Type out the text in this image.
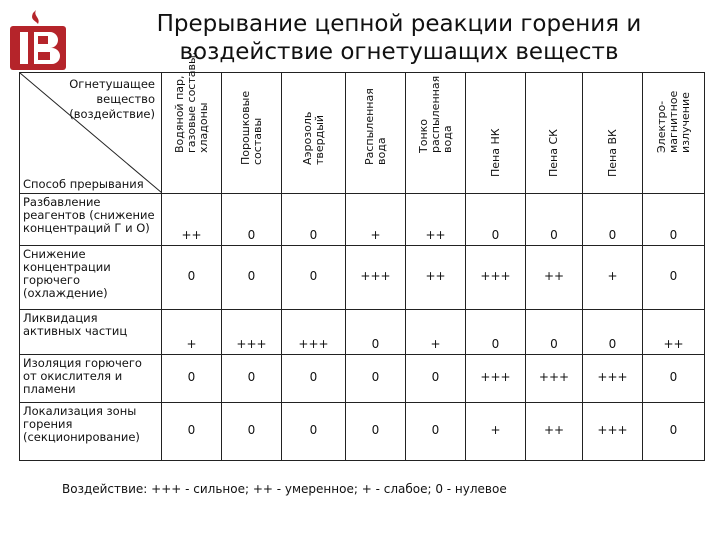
Прерывание цепной реакции горения и воздействие огнетушащих веществ
Огнетушащее вещество (воздействие)
Способ прерывания	Водяной пар, газовые составы, хладоны	Порошковые составы	Аэрозоль твердый	Распыленная вода	Тонко распыленная вода	Пена НК	Пена СК	Пена ВК	Электро-магнитное излучение

Разбавление реагентов (снижение концентраций Г и О)	++	0	0	+	++	0	0	0	0
Снижение концентрации горючего (охлаждение)	0	0	0	+++	++	+++	++	+	0
Ликвидация активных частиц	+	+++	+++	0	+	0	0	0	++
Изоляция горючего от окислителя и пламени	0	0	0	0	0	+++	+++	+++	0
Локализация зоны горения (секционирование)	0	0	0	0	0	+	++	+++	0
Воздействие: +++ - сильное; ++ - умеренное; + - слабое; 0 - нулевое
